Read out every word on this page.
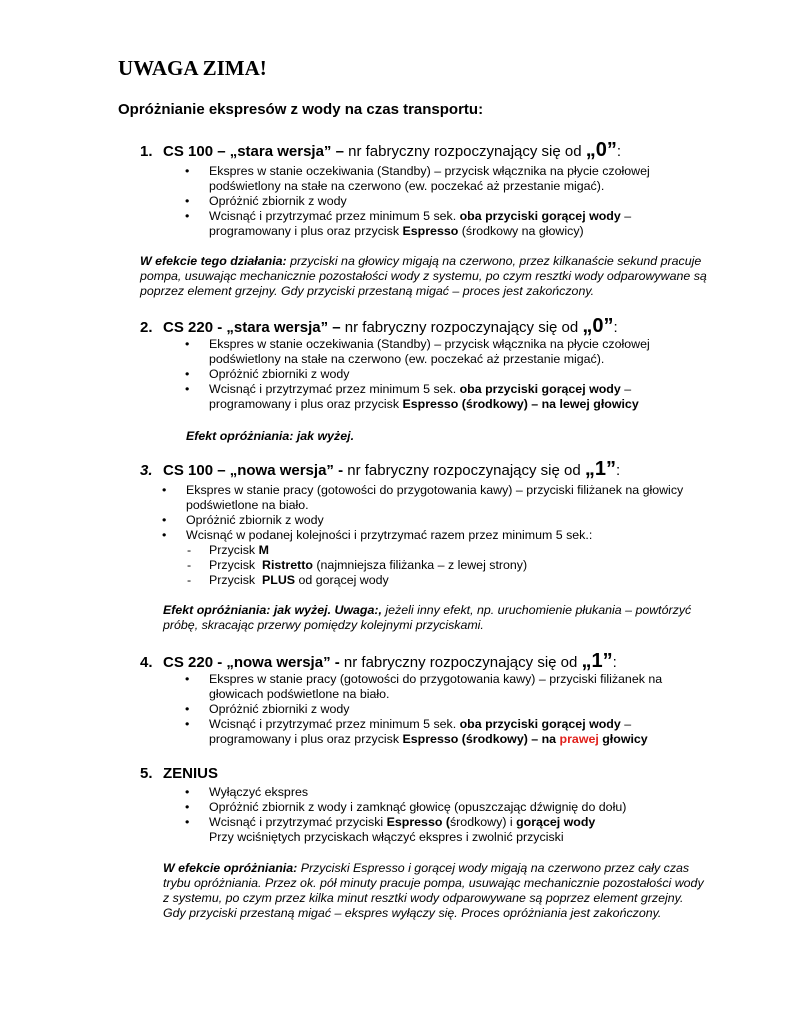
UWAGA ZIMA!
Opróżnianie ekspresów z wody na czas transportu:
1. CS 100 – „stara wersja” – nr fabryczny rozpoczynający się od „0”:
• Ekspres w stanie oczekiwania (Standby) – przycisk włącznika na płycie czołowej
podświetlony na stałe na czerwono (ew. poczekać aż przestanie migać).
• Opróżnić zbiornik z wody
• Wcisnąć i przytrzymać przez minimum 5 sek. oba przyciski gorącej wody –
programowany i plus oraz przycisk Espresso (środkowy na głowicy)

W efekcie tego działania: przyciski na głowicy migają na czerwono, przez kilkanaście sekund pracuje
pompa, usuwając mechanicznie pozostałości wody z systemu, po czym resztki wody odparowywane są
poprzez element grzejny. Gdy przyciski przestaną migać – proces jest zakończony.

2. CS 220 - „stara wersja” – nr fabryczny rozpoczynający się od „0”:
• Ekspres w stanie oczekiwania (Standby) – przycisk włącznika na płycie czołowej
podświetlony na stałe na czerwono (ew. poczekać aż przestanie migać).
• Opróżnić zbiorniki z wody
• Wcisnąć i przytrzymać przez minimum 5 sek. oba przyciski gorącej wody –
programowany i plus oraz przycisk Espresso (środkowy) – na lewej głowicy

Efekt opróżniania: jak wyżej.

3. CS 100 – „nowa wersja” - nr fabryczny rozpoczynający się od „1”:
• Ekspres w stanie pracy (gotowości do przygotowania kawy) – przyciski filiżanek na głowicy
podświetlone na biało.
• Opróżnić zbiornik z wody
• Wcisnąć w podanej kolejności i przytrzymać razem przez minimum 5 sek.:
- Przycisk M
- Przycisk  Ristretto (najmniejsza filiżanka – z lewej strony)
- Przycisk  PLUS od gorącej wody

Efekt opróżniania: jak wyżej. Uwaga:, jeżeli inny efekt, np. uruchomienie płukania – powtórzyć
próbę, skracając przerwy pomiędzy kolejnymi przyciskami.

4. CS 220 - „nowa wersja” - nr fabryczny rozpoczynający się od „1”:
• Ekspres w stanie pracy (gotowości do przygotowania kawy) – przyciski filiżanek na
głowicach podświetlone na biało.
• Opróżnić zbiorniki z wody
• Wcisnąć i przytrzymać przez minimum 5 sek. oba przyciski gorącej wody –
programowany i plus oraz przycisk Espresso (środkowy) – na prawej głowicy
5. ZENIUS
• Wyłączyć ekspres
• Opróżnić zbiornik z wody i zamknąć głowicę (opuszczając dźwignię do dołu)
• Wcisnąć i przytrzymać przyciski Espresso (środkowy) i gorącej wody
Przy wciśniętych przyciskach włączyć ekspres i zwolnić przyciski

W efekcie opróżniania: Przyciski Espresso i gorącej wody migają na czerwono przez cały czas
trybu opróżniania. Przez ok. pół minuty pracuje pompa, usuwając mechanicznie pozostałości wody
z systemu, po czym przez kilka minut resztki wody odparowywane są poprzez element grzejny.
Gdy przyciski przestaną migać – ekspres wyłączy się. Proces opróżniania jest zakończony.
